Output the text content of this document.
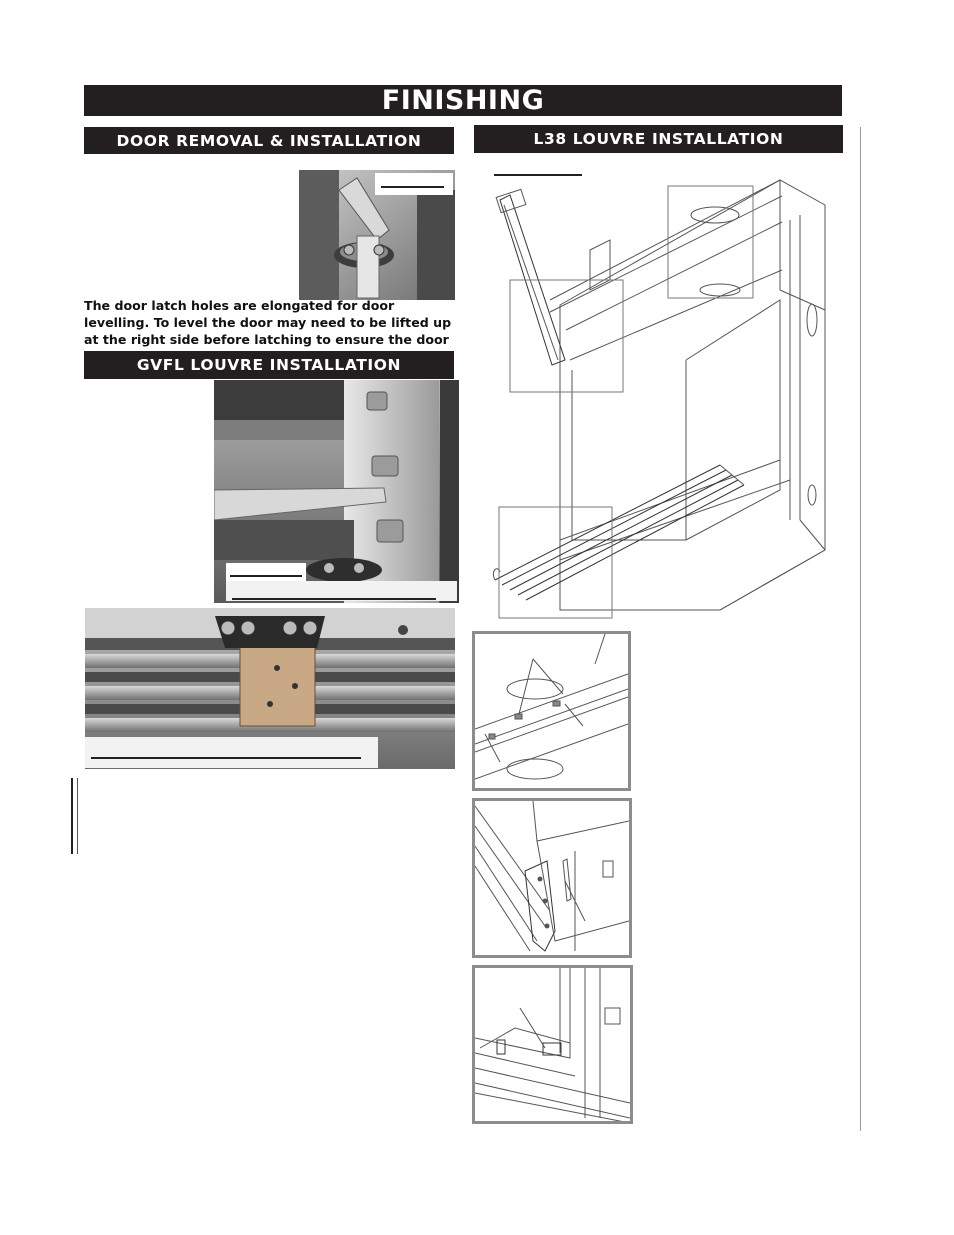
FINISHING
DOOR REMOVAL & INSTALLATION
The door latch holes are elongated for door levelling. To level the door may need to be lifted up at the right side before latching to ensure the door
GVFL LOUVRE INSTALLATION
L38 LOUVRE INSTALLATION
